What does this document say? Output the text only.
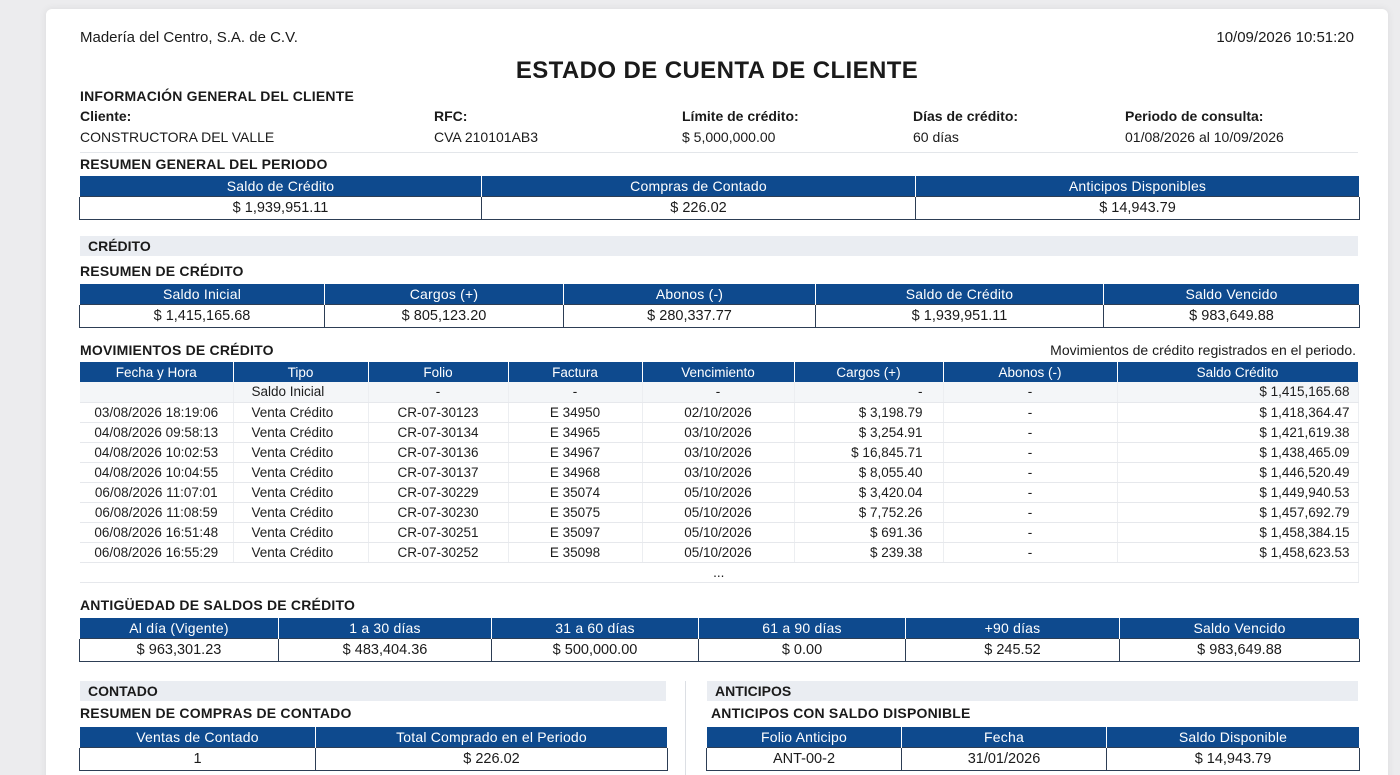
Madería del Centro, S.A. de C.V.	10/09/2026 10:51:20
ESTADO DE CUENTA DE CLIENTE
INFORMACIÓN GENERAL DEL CLIENTE
Cliente:
CONSTRUCTORA DEL VALLE
RFC:
CVA 210101AB3
Límite de crédito:
$ 5,000,000.00
Días de crédito:
60 días
Periodo de consulta:
01/08/2026 al 10/09/2026
RESUMEN GENERAL DEL PERIODO
Saldo de Crédito	Compras de Contado	Anticipos Disponibles
$ 1,939,951.11	$ 226.02	$ 14,943.79
CRÉDITO
RESUMEN DE CRÉDITO
Saldo Inicial	Cargos (+)	Abonos (-)	Saldo de Crédito	Saldo Vencido
$ 1,415,165.68	$ 805,123.20	$ 280,337.77	$ 1,939,951.11	$ 983,649.88
MOVIMIENTOS DE CRÉDITO	Movimientos de crédito registrados en el periodo.
Fecha y Hora	Tipo	Folio	Factura	Vencimiento	Cargos (+)	Abonos (-)	Saldo Crédito
	Saldo Inicial	-	-	-	-	-	$ 1,415,165.68
03/08/2026 18:19:06	Venta Crédito	CR-07-30123	E 34950	02/10/2026	$ 3,198.79	-	$ 1,418,364.47
04/08/2026 09:58:13	Venta Crédito	CR-07-30134	E 34965	03/10/2026	$ 3,254.91	-	$ 1,421,619.38
04/08/2026 10:02:53	Venta Crédito	CR-07-30136	E 34967	03/10/2026	$ 16,845.71	-	$ 1,438,465.09
04/08/2026 10:04:55	Venta Crédito	CR-07-30137	E 34968	03/10/2026	$ 8,055.40	-	$ 1,446,520.49
06/08/2026 11:07:01	Venta Crédito	CR-07-30229	E 35074	05/10/2026	$ 3,420.04	-	$ 1,449,940.53
06/08/2026 11:08:59	Venta Crédito	CR-07-30230	E 35075	05/10/2026	$ 7,752.26	-	$ 1,457,692.79
06/08/2026 16:51:48	Venta Crédito	CR-07-30251	E 35097	05/10/2026	$ 691.36	-	$ 1,458,384.15
06/08/2026 16:55:29	Venta Crédito	CR-07-30252	E 35098	05/10/2026	$ 239.38	-	$ 1,458,623.53
...							
ANTIGÜEDAD DE SALDOS DE CRÉDITO
Al día (Vigente)	1 a 30 días	31 a 60 días	61 a 90 días	+90 días	Saldo Vencido
$ 963,301.23	$ 483,404.36	$ 500,000.00	$ 0.00	$ 245.52	$ 983,649.88
CONTADO
RESUMEN DE COMPRAS DE CONTADO
Ventas de Contado	Total Comprado en el Periodo
1	$ 226.02
ANTICIPOS
ANTICIPOS CON SALDO DISPONIBLE
Folio Anticipo	Fecha	Saldo Disponible
ANT-00-2	31/01/2026	$ 14,943.79
